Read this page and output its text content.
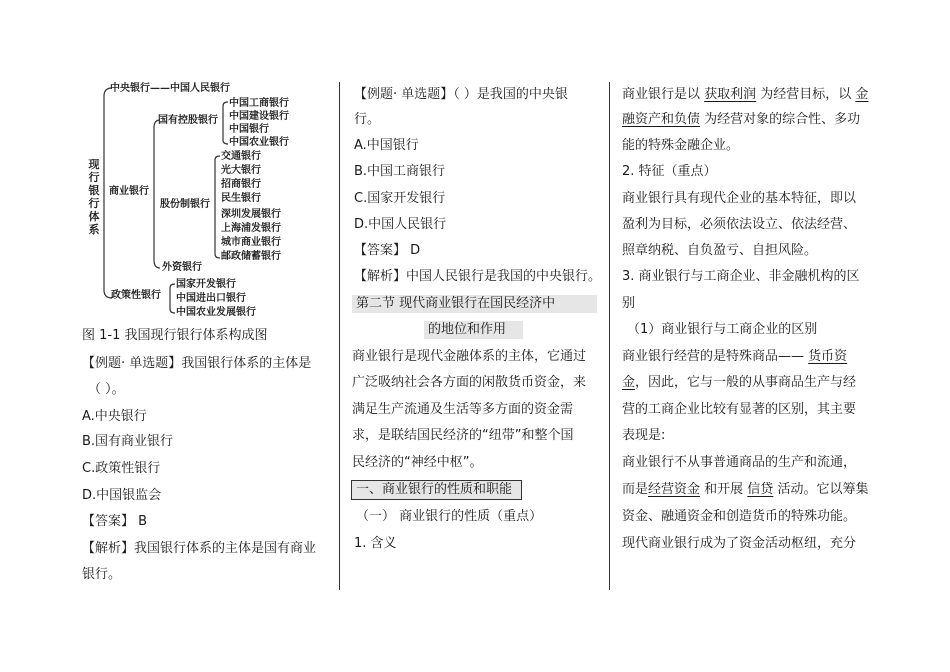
现行银行体系
中央银行——中国人民银行
商业银行
国有控股银行
中国工商银行
中国建设银行
中国银行
中国农业银行
股份制银行
交通银行
光大银行
招商银行
民生银行
深圳发展银行
上海浦发银行
城市商业银行
邮政储蓄银行
外资银行
政策性银行
国家开发银行
中国进出口银行
中国农业发展银行
图 1-1 我国现行银行体系构成图
【例题· 单选题】我国银行体系的主体是
（ ）。
A.中央银行
B.国有商业银行
C.政策性银行
D.中国银监会
【答案】 B
【解析】我国银行体系的主体是国有商业
银行。
【例题· 单选题】（ ）是我国的中央银
行。
A.中国银行
B.中国工商银行
C.国家开发银行
D.中国人民银行
【答案】 D
【解析】中国人民银行是我国的中央银行。
第二节 现代商业银行在国民经济中
的地位和作用
商业银行是现代金融体系的主体，它通过
广泛吸纳社会各方面的闲散货币资金，来
满足生产流通及生活等多方面的资金需
求，是联结国民经济的“纽带”和整个国
民经济的“神经中枢”。
一、商业银行的性质和职能
（一） 商业银行的性质（重点）
1. 含义
商业银行是以 获取利润 为经营目标，以 金
融资产和负债 为经营对象的综合性、多功
能的特殊金融企业。
2. 特征（重点）
商业银行具有现代企业的基本特征，即以
盈利为目标，必须依法设立、依法经营、
照章纳税、自负盈亏、自担风险。
3. 商业银行与工商企业、非金融机构的区
别
（1）商业银行与工商企业的区别
商业银行经营的是特殊商品—— 货币资
金，因此，它与一般的从事商品生产与经
营的工商企业比较有显著的区别，其主要
表现是:
商业银行不从事普通商品的生产和流通，
而是经营资金 和开展 信贷 活动。它以筹集
资金、融通资金和创造货币的特殊功能。
现代商业银行成为了资金活动枢纽，充分
